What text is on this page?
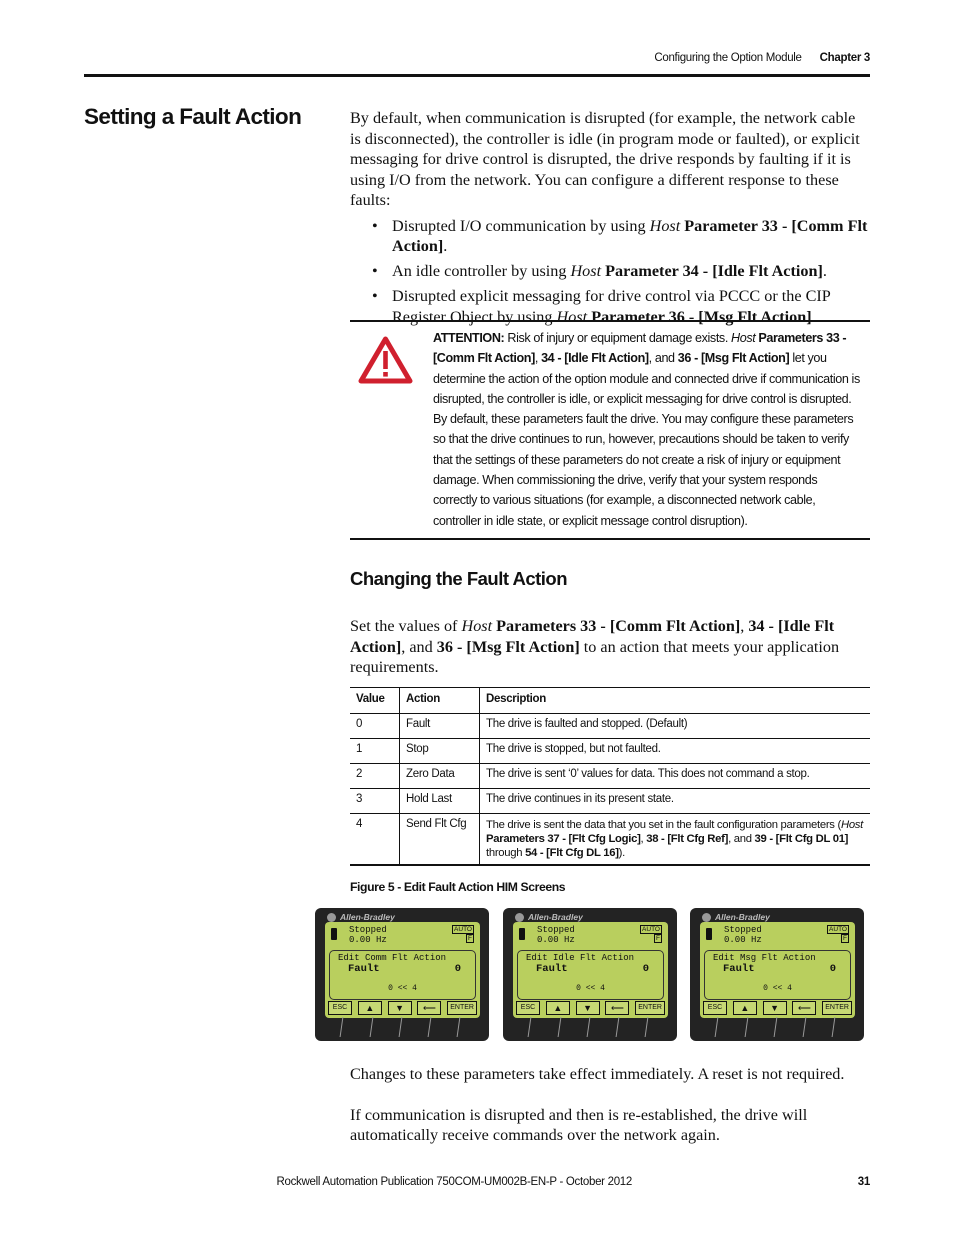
Configuring the Option Module Chapter 3
Setting a Fault Action	By default, when communication is disrupted (for example, the network cable is disconnected), the controller is idle (in program mode or faulted), or explicit messaging for drive control is disrupted, the drive responds by faulting if it is using I/O from the network. You can configure a different response to these faults:

• Disrupted I/O communication by using Host Parameter 33 - [Comm Flt Action].
• An idle controller by using Host Parameter 34 - [Idle Flt Action].
• Disrupted explicit messaging for drive control via PCCC or the CIP Register Object by using Host Parameter 36 - [Msg Flt Action].
ATTENTION: Risk of injury or equipment damage exists. Host Parameters 33 - [Comm Flt Action], 34 - [Idle Flt Action], and 36 - [Msg Flt Action] let you determine the action of the option module and connected drive if communication is disrupted, the controller is idle, or explicit messaging for drive control is disrupted. By default, these parameters fault the drive. You may configure these parameters so that the drive continues to run, however, precautions should be taken to verify that the settings of these parameters do not create a risk of injury or equipment damage. When commissioning the drive, verify that your system responds correctly to various situations (for example, a disconnected network cable, controller in idle state, or explicit message control disruption).
Changing the Fault Action

Set the values of Host Parameters 33 - [Comm Flt Action], 34 - [Idle Flt Action], and 36 - [Msg Flt Action] to an action that meets your application requirements.

Value	Action	Description
0	Fault	The drive is faulted and stopped. (Default)
1	Stop	The drive is stopped, but not faulted.
2	Zero Data	The drive is sent ‘0’ values for data. This does not command a stop.
3	Hold Last	The drive continues in its present state.
4	Send Flt Cfg	The drive is sent the data that you set in the fault configuration parameters (Host Parameters 37 - [Flt Cfg Logic], 38 - [Flt Cfg Ref], and 39 - [Flt Cfg DL 01] through 54 - [Flt Cfg DL 16]).
Figure 5 - Edit Fault Action HIM Screens
Allen-Bradley
Stopped
0.00 Hz
AUTO
F
Edit Comm Flt Action
Fault	0
0 << 4
ESC	▲	▼	⟵	ENTER
Allen-Bradley
Stopped
0.00 Hz
AUTO
F
Edit Idle Flt Action
Fault	0
0 << 4
ESC	▲	▼	⟵	ENTER
Allen-Bradley
Stopped
0.00 Hz
AUTO
F
Edit Msg Flt Action
Fault	0
0 << 4
ESC	▲	▼	⟵	ENTER

Changes to these parameters take effect immediately. A reset is not required.

If communication is disrupted and then is re-established, the drive will automatically receive commands over the network again.

Rockwell Automation Publication 750COM-UM002B-EN-P - October 2012	31
